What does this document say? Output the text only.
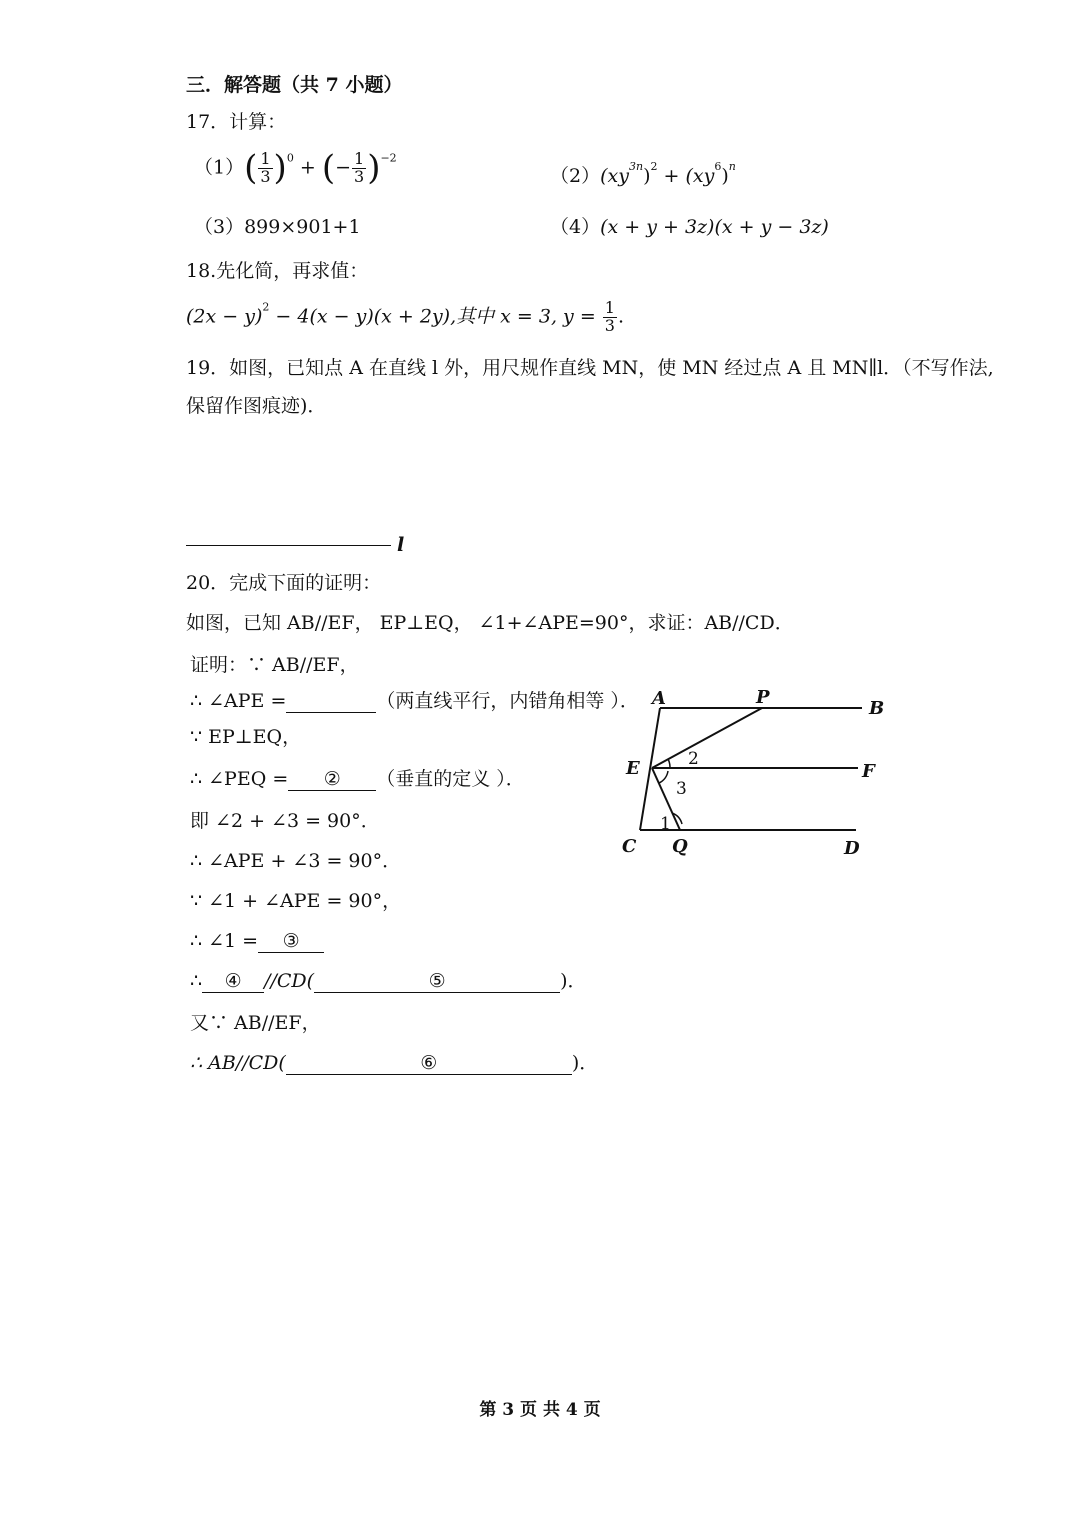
三．解答题（共 7 小题）
17．计算：
$(1)( \frac{1}{3} )^0$ + (− $\frac{1}{3} )^{-2}$
$(2)(xy^{3n})^2 + (xy^6)^n$
（3）899×901+1	（4）(x + y + 3z)(x + y − 3z)
18.先化简，再求值：
$(2x - y)^2 - 4(x - y)(x + 2y)$,其中 x = 3, $y = \frac{1}{3}$ .
19．如图，已知点 A 在直线 l 外，用尺规作直线 MN，使 MN 经过点 A 且 MN∥l．（不写作法,
保留作图痕迹)．
l
20．完成下面的证明：
如图，已知 AB//EF， EP⊥EQ， ∠1+∠APE=90°，求证：AB//CD．
证明：∵ AB//EF，
∴ ∠APE =	（两直线平行，内错角相等 ）．
∵ EP⊥EQ，
∴ ∠PEQ = ② （垂直的定义 ）．
即 ∠2 + ∠3 = 90°．
∴ ∠APE + ∠3 = 90°．
∵ ∠1 + ∠APE = 90°，
∴ ∠1 = ③
∴ ④ //CD(	⑤	)．
又∵ AB//EF，
∴ AB//CD(	⑥	)．
A	P
B
E	F
C Q	D
1
2
3
第 3 页 共 4 页
